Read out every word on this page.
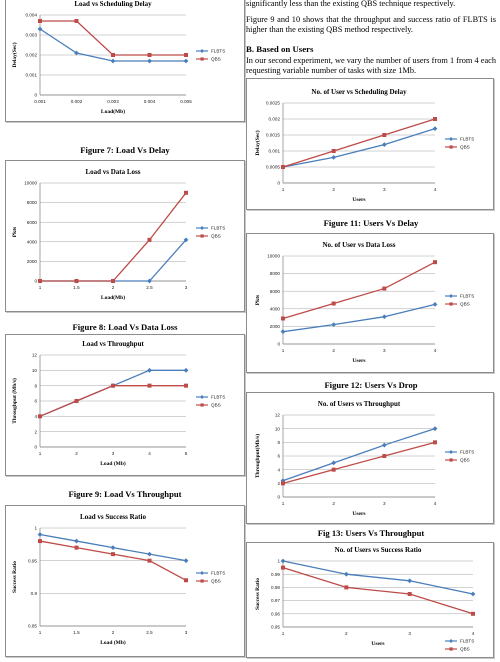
Load vs Scheduling Delay
0
0.001
0.002
0.003
0.004
0.001	0.002	0.003	0.004	0.005
Load(Mb)
Delay(Sec)	FLBTS
QBS
Figure 7: Load Vs Delay
Load vs Data Loss
0
2000
4000
6000
8000
10000
1	1.5	2	2.5	3
Load(Mb)
Pkts	FLBTS
QBS
Figure 8: Load Vs Data Loss
Load vs Throughput
0
2
4
6
8
10
12
1	2	3	4	5
Load (Mb)
Throughput (Mb/s)	FLBTS
QBS
Figure 9: Load Vs Throughput
Load vs Success Ratio
0.85
0.9
0.95
1
1	1.5	2	2.5	3
Load (Mb)
Success Ratio	FLBTS
QBS
significantly less than the existing QBS technique respectively.
Figure 9 and 10 shows that the throughput and success ratio of FLBTS is higher than the existing QBS method respectively.
B. Based on Users
In our second experiment, we vary the number of users from 1 from 4 each requesting variable number of tasks with size 1Mb.
No. of User vs Scheduling Delay
0
0.0005
0.001
0.0015
0.002
0.0025
1	2	3	4
Users
Delay(Sec)	FLBTS
QBS
Figure 11: Users Vs Delay
No. of User vs Data Loss
0
2000
4000
6000
8000
10000
1	2	3	4
Users
Pkts	FLBTS
QBS
Figure 12: Users Vs Drop
No. of Users vs Throughput
0
2
4
6
8
10
12
1	2	3	4
Users
Throughput(Mb/s)	FLBTS
QBS
Fig 13: Users Vs Throughput
No. of Users vs Success Ratio
0.95
0.96
0.97
0.98
0.99
1
1	2	3	4
Users
Success Ratio
FLBTS
QBS
